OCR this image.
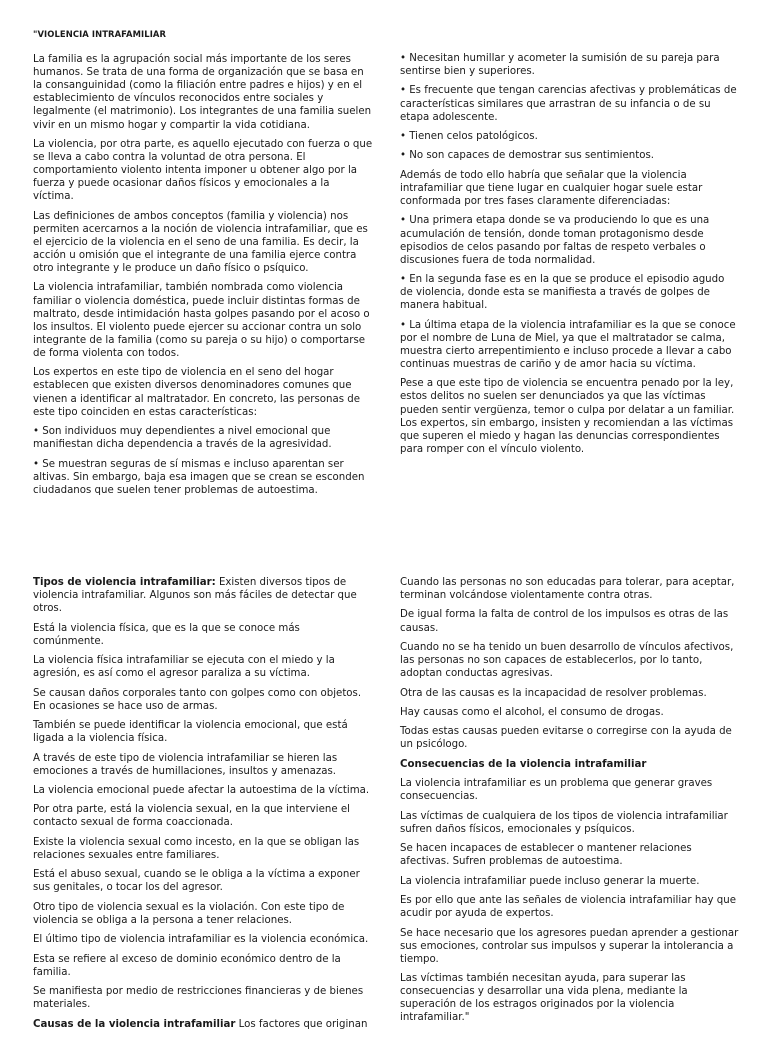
"VIOLENCIA INTRAFAMILIAR

La familia es la agrupación social más importante de los seres humanos. Se trata de una forma de organización que se basa en la consanguinidad (como la filiación entre padres e hijos) y en el establecimiento de vínculos reconocidos entre sociales y legalmente (el matrimonio). Los integrantes de una familia suelen vivir en un mismo hogar y compartir la vida cotidiana.

La violencia, por otra parte, es aquello ejecutado con fuerza o que se lleva a cabo contra la voluntad de otra persona. El comportamiento violento intenta imponer u obtener algo por la fuerza y puede ocasionar daños físicos y emocionales a la víctima.

Las definiciones de ambos conceptos (familia y violencia) nos permiten acercarnos a la noción de violencia intrafamiliar, que es el ejercicio de la violencia en el seno de una familia. Es decir, la acción u omisión que el integrante de una familia ejerce contra otro integrante y le produce un daño físico o psíquico.

La violencia intrafamiliar, también nombrada como violencia familiar o violencia doméstica, puede incluir distintas formas de maltrato, desde intimidación hasta golpes pasando por el acoso o los insultos. El violento puede ejercer su accionar contra un solo integrante de la familia (como su pareja o su hijo) o comportarse de forma violenta con todos.

Los expertos en este tipo de violencia en el seno del hogar establecen que existen diversos denominadores comunes que vienen a identificar al maltratador. En concreto, las personas de este tipo coinciden en estas características:

• Son individuos muy dependientes a nivel emocional que manifiestan dicha dependencia a través de la agresividad.

• Se muestran seguras de sí mismas e incluso aparentan ser altivas. Sin embargo, baja esa imagen que se crean se esconden ciudadanos que suelen tener problemas de autoestima.

• Necesitan humillar y acometer la sumisión de su pareja para sentirse bien y superiores.

• Es frecuente que tengan carencias afectivas y problemáticas de características similares que arrastran de su infancia o de su etapa adolescente.

• Tienen celos patológicos.

• No son capaces de demostrar sus sentimientos.

Además de todo ello habría que señalar que la violencia intrafamiliar que tiene lugar en cualquier hogar suele estar conformada por tres fases claramente diferenciadas:

• Una primera etapa donde se va produciendo lo que es una acumulación de tensión, donde toman protagonismo desde episodios de celos pasando por faltas de respeto verbales o discusiones fuera de toda normalidad.

• En la segunda fase es en la que se produce el episodio agudo de violencia, donde esta se manifiesta a través de golpes de manera habitual.

• La última etapa de la violencia intrafamiliar es la que se conoce por el nombre de Luna de Miel, ya que el maltratador se calma, muestra cierto arrepentimiento e incluso procede a llevar a cabo continuas muestras de cariño y de amor hacia su víctima.

Pese a que este tipo de violencia se encuentra penado por la ley, estos delitos no suelen ser denunciados ya que las víctimas pueden sentir vergüenza, temor o culpa por delatar a un familiar. Los expertos, sin embargo, insisten y recomiendan a las víctimas que superen el miedo y hagan las denuncias correspondientes para romper con el vínculo violento.

Tipos de violencia intrafamiliar: Existen diversos tipos de violencia intrafamiliar. Algunos son más fáciles de detectar que otros.

Está la violencia física, que es la que se conoce más comúnmente.

La violencia física intrafamiliar se ejecuta con el miedo y la agresión, es así como el agresor paraliza a su víctima.

Se causan daños corporales tanto con golpes como con objetos. En ocasiones se hace uso de armas.

También se puede identificar la violencia emocional, que está ligada a la violencia física.

A través de este tipo de violencia intrafamiliar se hieren las emociones a través de humillaciones, insultos y amenazas.

La violencia emocional puede afectar la autoestima de la víctima.

Por otra parte, está la violencia sexual, en la que interviene el contacto sexual de forma coaccionada.

Existe la violencia sexual como incesto, en la que se obligan las relaciones sexuales entre familiares.

Está el abuso sexual, cuando se le obliga a la víctima a exponer sus genitales, o tocar los del agresor.

Otro tipo de violencia sexual es la violación. Con este tipo de violencia se obliga a la persona a tener relaciones.

El último tipo de violencia intrafamiliar es la violencia económica.

Esta se refiere al exceso de dominio económico dentro de la familia.

Se manifiesta por medio de restricciones financieras y de bienes materiales.

Causas de la violencia intrafamiliar Los factores que originan

Cuando las personas no son educadas para tolerar, para aceptar, terminan volcándose violentamente contra otras.

De igual forma la falta de control de los impulsos es otras de las causas.

Cuando no se ha tenido un buen desarrollo de vínculos afectivos, las personas no son capaces de establecerlos, por lo tanto, adoptan conductas agresivas.

Otra de las causas es la incapacidad de resolver problemas.

Hay causas como el alcohol, el consumo de drogas.

Todas estas causas pueden evitarse o corregirse con la ayuda de un psicólogo.

Consecuencias de la violencia intrafamiliar

La violencia intrafamiliar es un problema que generar graves consecuencias.

Las víctimas de cualquiera de los tipos de violencia intrafamiliar sufren daños físicos, emocionales y psíquicos.

Se hacen incapaces de establecer o mantener relaciones afectivas. Sufren problemas de autoestima.

La violencia intrafamiliar puede incluso generar la muerte.

Es por ello que ante las señales de violencia intrafamiliar hay que acudir por ayuda de expertos.

Se hace necesario que los agresores puedan aprender a gestionar sus emociones, controlar sus impulsos y superar la intolerancia a tiempo.

Las víctimas también necesitan ayuda, para superar las consecuencias y desarrollar una vida plena, mediante la superación de los estragos originados por la violencia intrafamiliar."
